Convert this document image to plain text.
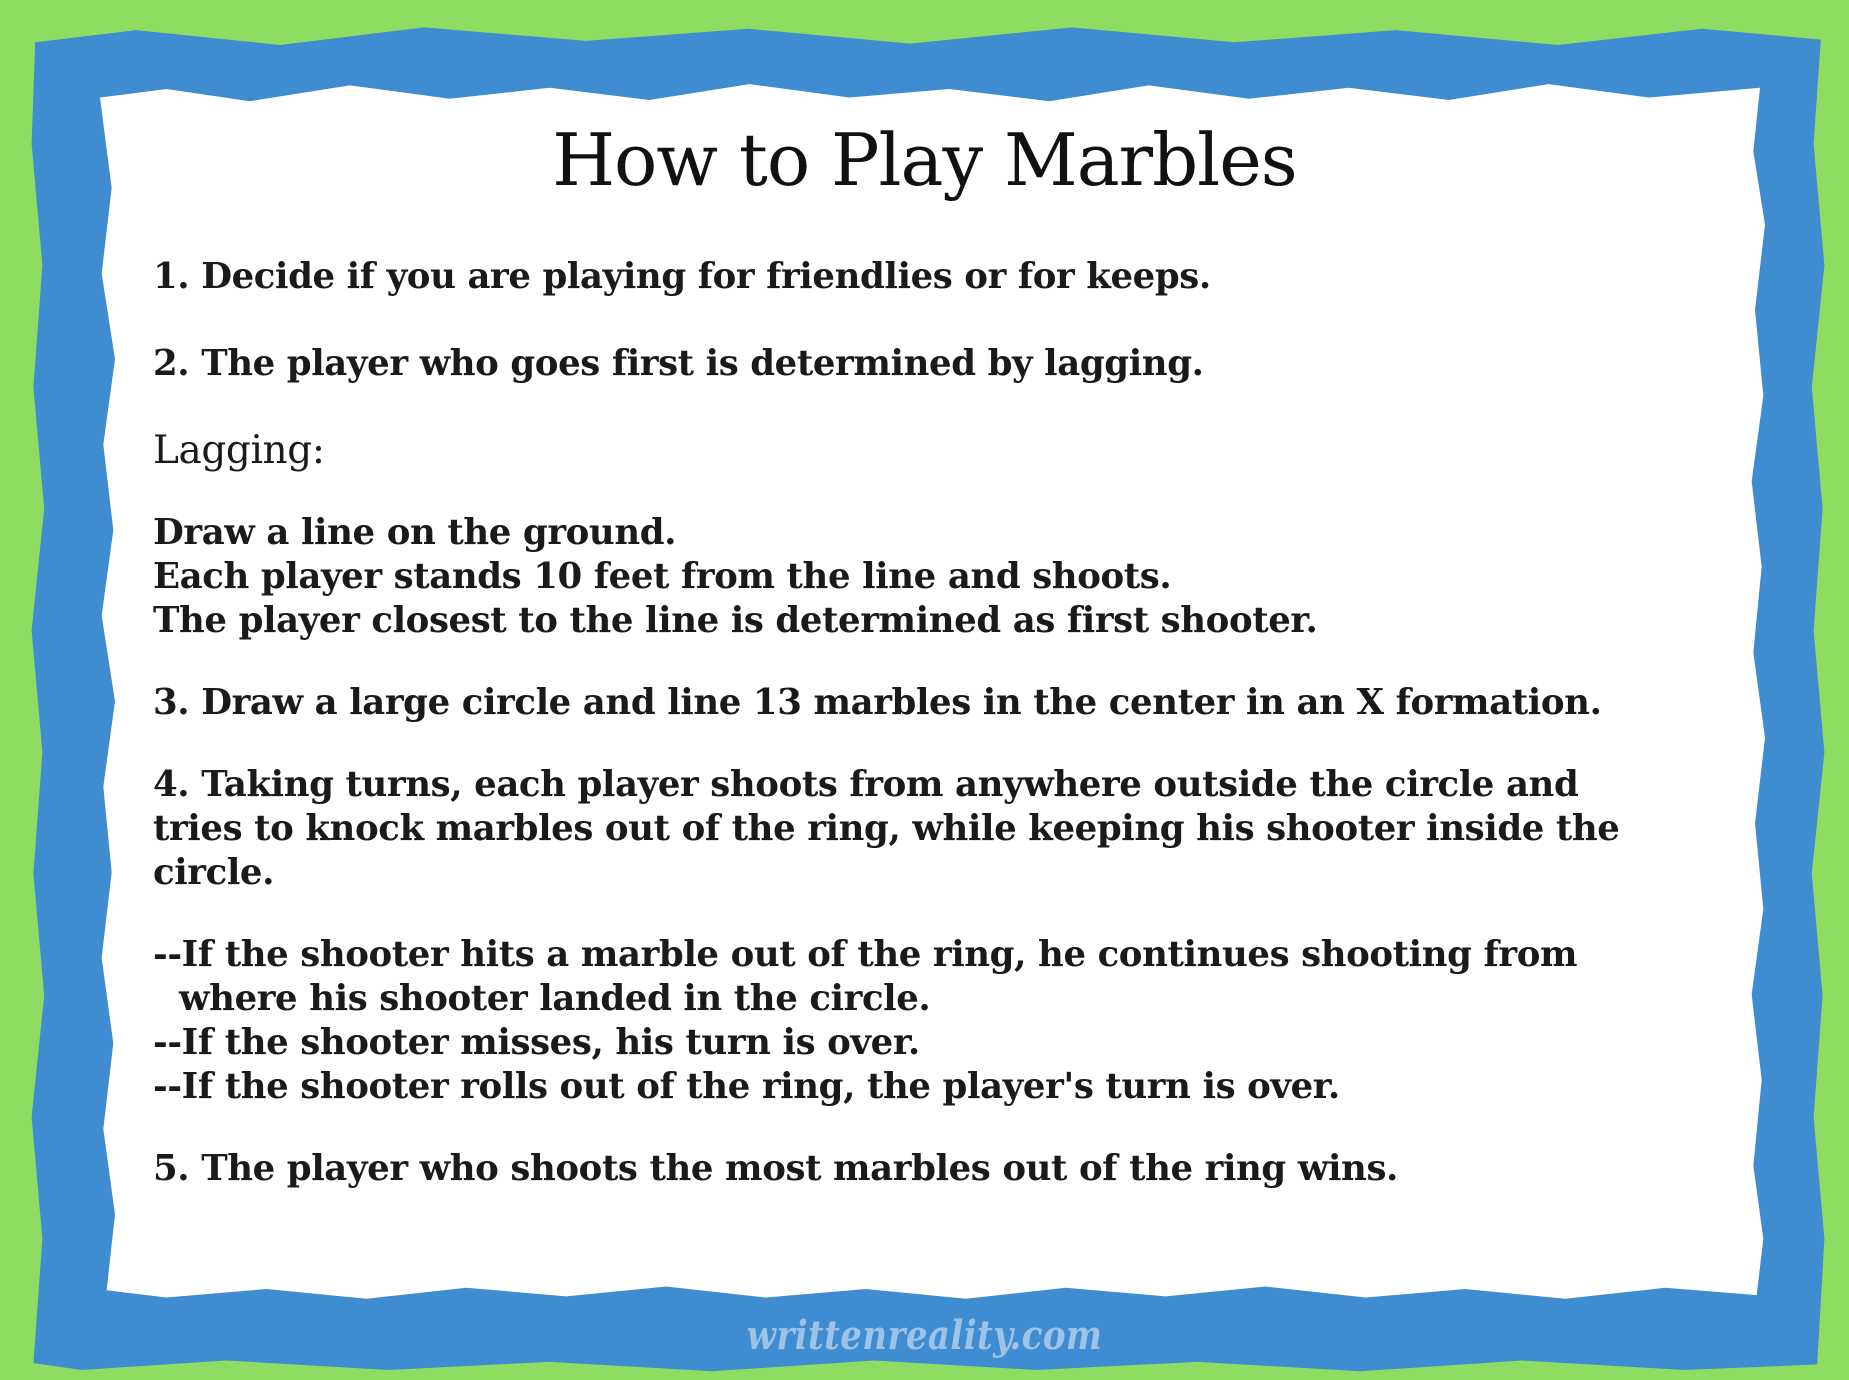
How to Play Marbles

1. Decide if you are playing for friendlies or for keeps.

2. The player who goes first is determined by lagging.

Lagging:

Draw a line on the ground.

Each player stands 10 feet from the line and shoots.

The player closest to the line is determined as first shooter.

3. Draw a large circle and line 13 marbles in the center in an X formation.

4. Taking turns, each player shoots from anywhere outside the circle and

tries to knock marbles out of the ring, while keeping his shooter inside the

circle.

--If the shooter hits a marble out of the ring, he continues shooting from

where his shooter landed in the circle.

--If the shooter misses, his turn is over.

--If the shooter rolls out of the ring, the player's turn is over.

5. The player who shoots the most marbles out of the ring wins.

writtenreality.com
